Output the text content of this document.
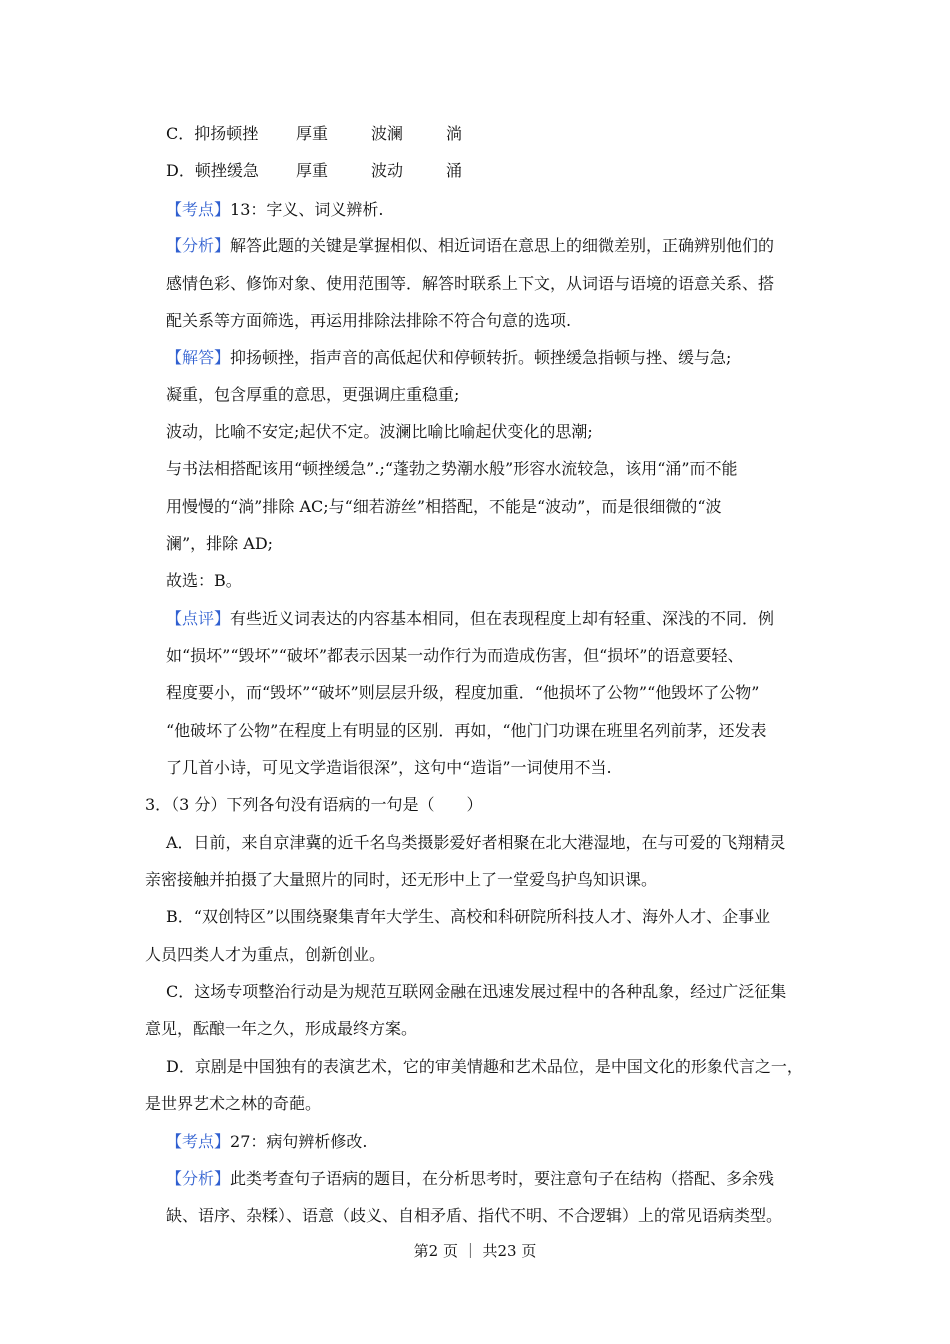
C．抑扬顿挫 厚重	波澜	淌
D．顿挫缓急 厚重	波动	涌
【考点】13：字义、词义辨析.
【分析】解答此题的关键是掌握相似、相近词语在意思上的细微差别，正确辨别他们的
感情色彩、修饰对象、使用范围等．解答时联系上下文，从词语与语境的语意关系、搭
配关系等方面筛选，再运用排除法排除不符合句意的选项.
【解答】抑扬顿挫，指声音的高低起伏和停顿转折。顿挫缓急指顿与挫、缓与急;
凝重，包含厚重的意思，更强调庄重稳重;
波动，比喻不安定;起伏不定。波澜比喻比喻起伏变化的思潮;
与书法相搭配该用“顿挫缓急”.;“蓬勃之势潮水般”形容水流较急，该用“涌”而不能
用慢慢的“淌”排除 AC;与“细若游丝”相搭配，不能是“波动”，而是很细微的“波
澜”，排除 AD;
故选：B。
【点评】有些近义词表达的内容基本相同，但在表现程度上却有轻重、深浅的不同．例
如“损坏”“毁坏”“破坏”都表示因某一动作行为而造成伤害，但“损坏”的语意要轻、
程度要小，而“毁坏”“破坏”则层层升级，程度加重．“他损坏了公物”“他毁坏了公物”
“他破坏了公物”在程度上有明显的区别．再如，“他门门功课在班里名列前茅，还发表
了几首小诗，可见文学造诣很深”，这句中“造诣”一词使用不当.
3．（3 分）下列各句没有语病的一句是（　　）
A．日前，来自京津冀的近千名鸟类摄影爱好者相聚在北大港湿地，在与可爱的飞翔精灵
亲密接触并拍摄了大量照片的同时，还无形中上了一堂爱鸟护鸟知识课。
B．“双创特区”以围绕聚集青年大学生、高校和科研院所科技人才、海外人才、企事业
人员四类人才为重点，创新创业。
C．这场专项整治行动是为规范互联网金融在迅速发展过程中的各种乱象，经过广泛征集
意见，酝酿一年之久，形成最终方案。
D．京剧是中国独有的表演艺术，它的审美情趣和艺术品位，是中国文化的形象代言之一，
是世界艺术之林的奇葩。
【考点】27：病句辨析修改.
【分析】此类考查句子语病的题目，在分析思考时，要注意句子在结构（搭配、多余残
缺、语序、杂糅）、语意（歧义、自相矛盾、指代不明、不合逻辑）上的常见语病类型。
第2 页 ｜ 共23 页
